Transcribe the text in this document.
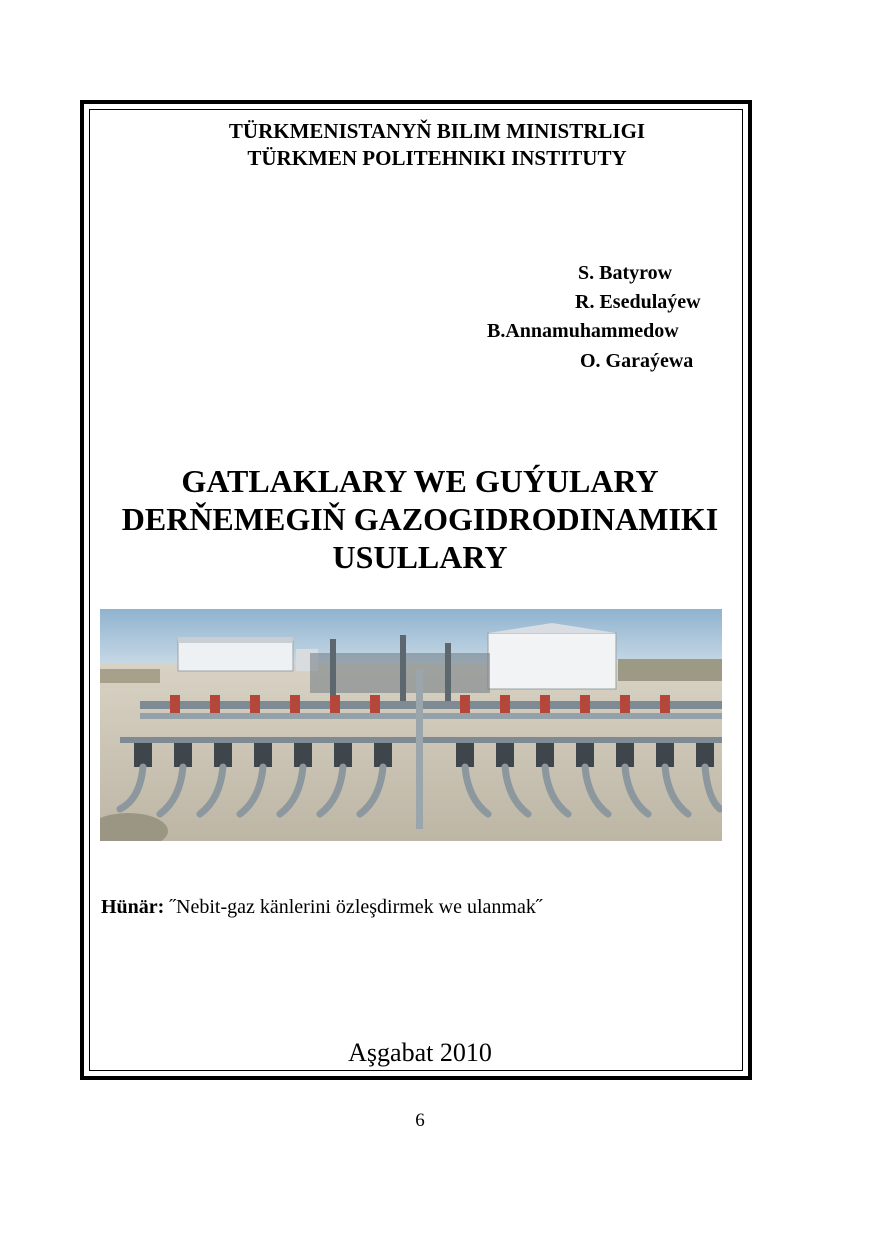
TÜRKMENISTANYŇ BILIM MINISTRLIGI
TÜRKMEN POLITEHNIKI INSTITUTY
S. Batyrow
R. Esedulaýew
B.Annamuhammedow
O. Garaýewa
GATLAKLARY WE GUÝULARY
DERŇEMEGIŇ GAZOGIDRODINAMIKI
USULLARY
Hünär: ˝Nebit-gaz känlerini özleşdirmek we ulanmak˝
Aşgabat 2010
6
